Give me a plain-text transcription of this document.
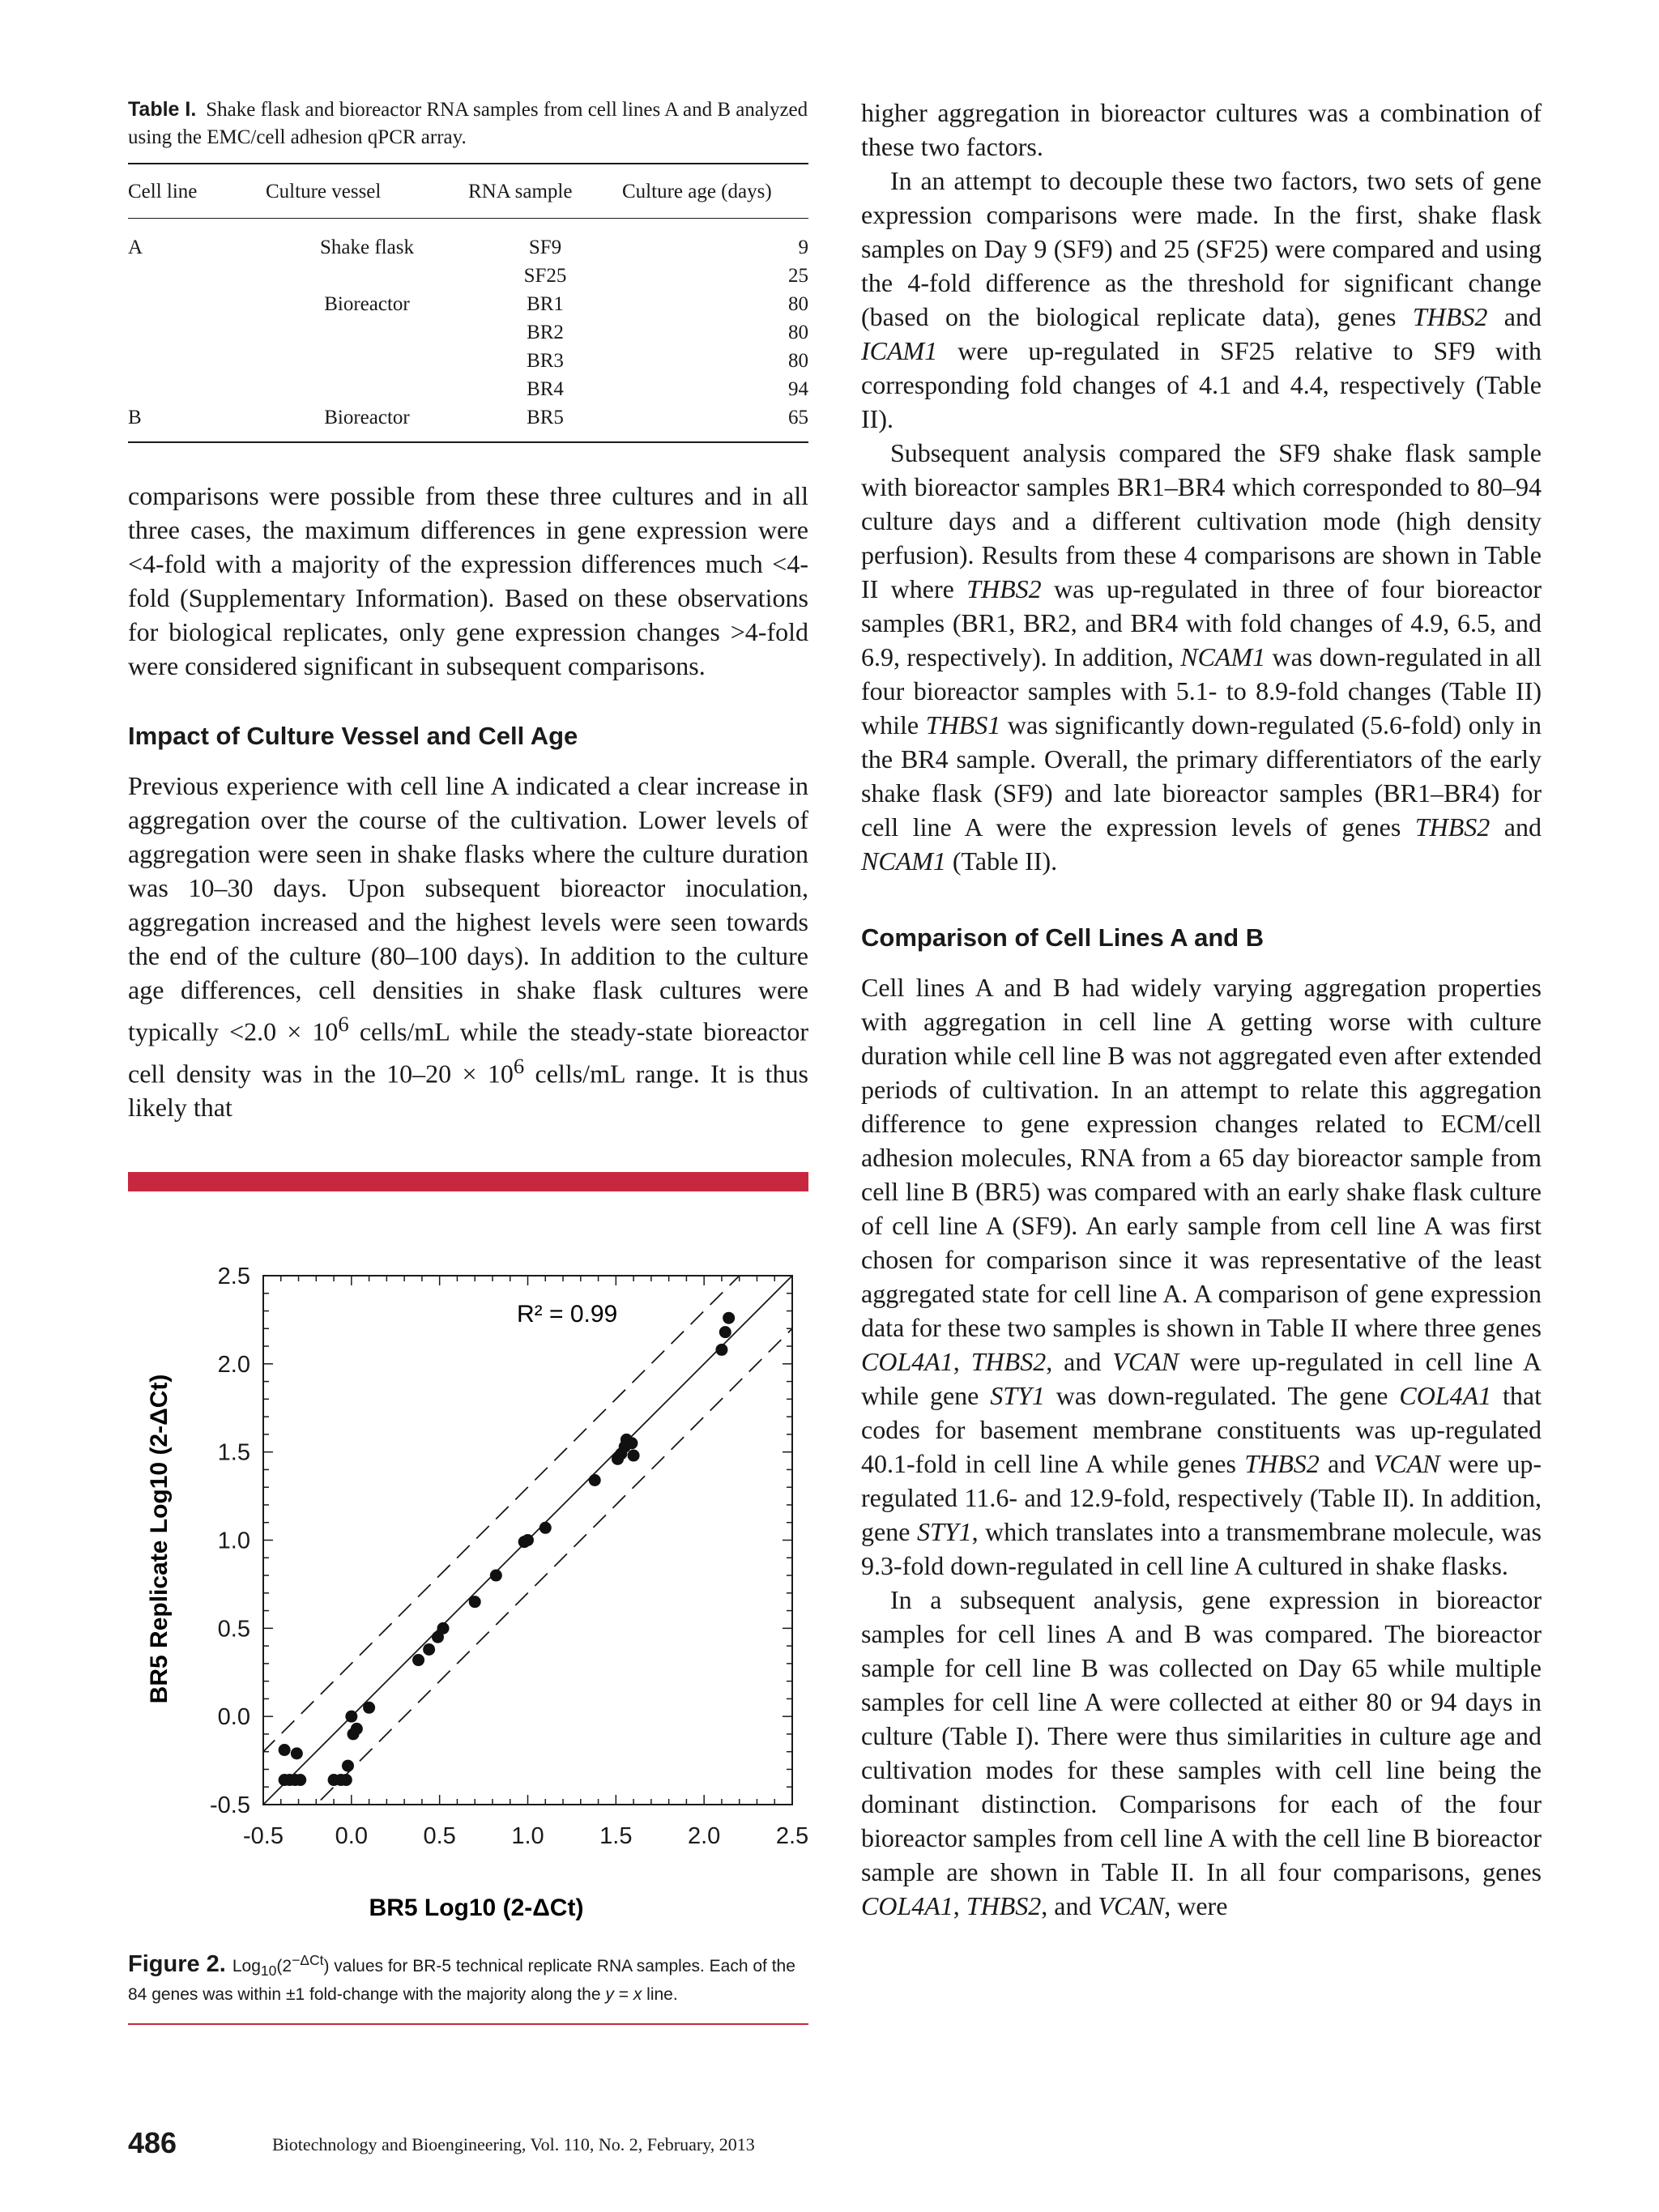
Table I. Shake flask and bioreactor RNA samples from cell lines A and B analyzed using the EMC/cell adhesion qPCR array.

Cell line	Culture vessel	RNA sample	Culture age (days)
A	Shake flask	SF9	9
		SF25	25
	Bioreactor	BR1	80
		BR2	80
		BR3	80
		BR4	94
B	Bioreactor	BR5	65

comparisons were possible from these three cultures and in all three cases, the maximum differences in gene expression were <4-fold with a majority of the expression differences much <4-fold (Supplementary Information). Based on these observations for biological replicates, only gene expression changes >4-fold were considered significant in subsequent comparisons.

Impact of Culture Vessel and Cell Age

Previous experience with cell line A indicated a clear increase in aggregation over the course of the cultivation. Lower levels of aggregation were seen in shake flasks where the culture duration was 10–30 days. Upon subsequent bioreactor inoculation, aggregation increased and the highest levels were seen towards the end of the culture (80–100 days). In addition to the culture age differences, cell densities in shake flask cultures were typically $<2.0 \times 10^6$ cells/mL while the steady-state bioreactor cell density was in the $10-20 \times 10^6$ cells/mL range. It is thus likely that

-0.5 0.0 0.5 1.0 1.5 2.0 2.5
-0.5
0.0
0.5
1.0
1.5
2.0
2.5
R² = 0.99
BR5 Log10 (2-ΔCt)
BR5 Replicate Log10 (2-ΔCt)
Figure 2. $Log_{10}(2^{-\Delta Ct})$ values for BR-5 technical replicate RNA samples. Each of the 84 genes was within ±1 fold-change with the majority along the y = x line.

higher aggregation in bioreactor cultures was a combination of these two factors.

In an attempt to decouple these two factors, two sets of gene expression comparisons were made. In the first, shake flask samples on Day 9 (SF9) and 25 (SF25) were compared and using the 4-fold difference as the threshold for significant change (based on the biological replicate data), genes THBS2 and ICAM1 were up-regulated in SF25 relative to SF9 with corresponding fold changes of 4.1 and 4.4, respectively (Table II).

Subsequent analysis compared the SF9 shake flask sample with bioreactor samples BR1–BR4 which corresponded to 80–94 culture days and a different cultivation mode (high density perfusion). Results from these 4 comparisons are shown in Table II where THBS2 was up-regulated in three of four bioreactor samples (BR1, BR2, and BR4 with fold changes of 4.9, 6.5, and 6.9, respectively). In addition, NCAM1 was down-regulated in all four bioreactor samples with 5.1- to 8.9-fold changes (Table II) while THBS1 was significantly down-regulated (5.6-fold) only in the BR4 sample. Overall, the primary differentiators of the early shake flask (SF9) and late bioreactor samples (BR1–BR4) for cell line A were the expression levels of genes THBS2 and NCAM1 (Table II).

Comparison of Cell Lines A and B

Cell lines A and B had widely varying aggregation properties with aggregation in cell line A getting worse with culture duration while cell line B was not aggregated even after extended periods of cultivation. In an attempt to relate this aggregation difference to gene expression changes related to ECM/cell adhesion molecules, RNA from a 65 day bioreactor sample from cell line B (BR5) was compared with an early shake flask culture of cell line A (SF9). An early sample from cell line A was first chosen for comparison since it was representative of the least aggregated state for cell line A. A comparison of gene expression data for these two samples is shown in Table II where three genes COL4A1, THBS2, and VCAN were up-regulated in cell line A while gene STY1 was down-regulated. The gene COL4A1 that codes for basement membrane constituents was up-regulated 40.1-fold in cell line A while genes THBS2 and VCAN were up-regulated 11.6- and 12.9-fold, respectively (Table II). In addition, gene STY1, which translates into a transmembrane molecule, was 9.3-fold down-regulated in cell line A cultured in shake flasks.

In a subsequent analysis, gene expression in bioreactor samples for cell lines A and B was compared. The bioreactor sample for cell line B was collected on Day 65 while multiple samples for cell line A were collected at either 80 or 94 days in culture (Table I). There were thus similarities in culture age and cultivation modes for these samples with cell line being the dominant distinction. Comparisons for each of the four bioreactor samples from cell line A with the cell line B bioreactor sample are shown in Table II. In all four comparisons, genes COL4A1, THBS2, and VCAN, were

486	Biotechnology and Bioengineering, Vol. 110, No. 2, February, 2013
